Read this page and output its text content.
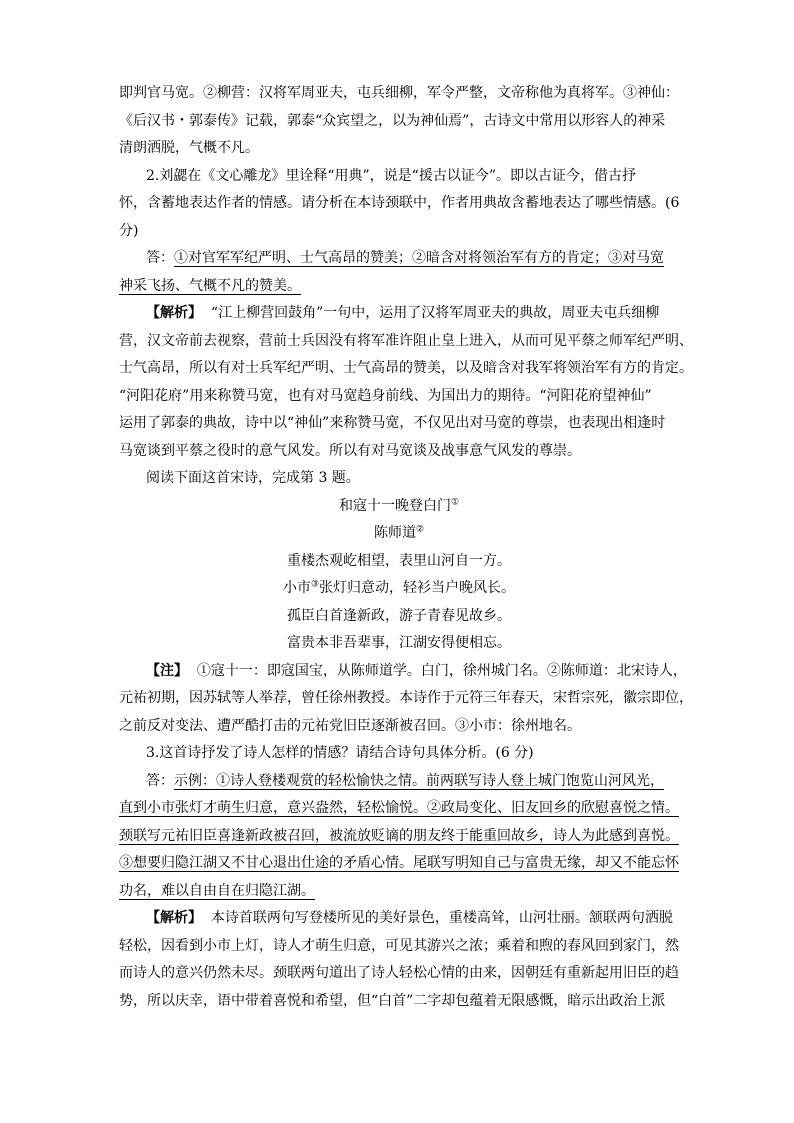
即判官马宽。②柳营：汉将军周亚夫，屯兵细柳，军令严整，文帝称他为真将军。③神仙：
《后汉书・郭泰传》记载，郭泰“众宾望之，以为神仙焉”，古诗文中常用以形容人的神采
清朗洒脱，气概不凡。
2.刘勰在《文心雕龙》里诠释“用典”，说是“援古以证今”。即以古证今，借古抒
怀，含蓄地表达作者的情感。请分析在本诗颈联中，作者用典故含蓄地表达了哪些情感。(6
分)
答：①对官军军纪严明、士气高昂的赞美；②暗含对将领治军有方的肯定；③对马宽
神采飞扬、气概不凡的赞美。
【解析】 “江上柳营回鼓角”一句中，运用了汉将军周亚夫的典故，周亚夫屯兵细柳
营，汉文帝前去视察，营前士兵因没有将军准许阻止皇上进入，从而可见平蔡之师军纪严明、
士气高昂，所以有对士兵军纪严明、士气高昂的赞美，以及暗含对我军将领治军有方的肯定。
“河阳花府”用来称赞马宽，也有对马宽趋身前线、为国出力的期待。“河阳花府望神仙”
运用了郭泰的典故，诗中以“神仙”来称赞马宽，不仅见出对马宽的尊崇，也表现出相逢时
马宽谈到平蔡之役时的意气风发。所以有对马宽谈及战事意气风发的尊崇。
阅读下面这首宋诗，完成第 3 题。
和寇十一晚登白门①
陈师道②
重楼杰观屹相望，表里山河自一方。
小市③张灯归意动，轻衫当户晚风长。
孤臣白首逢新政，游子青春见故乡。
富贵本非吾辈事，江湖安得便相忘。
【注】 ①寇十一：即寇国宝，从陈师道学。白门，徐州城门名。②陈师道：北宋诗人，
元祐初期，因苏轼等人举荐，曾任徐州教授。本诗作于元符三年春天，宋哲宗死，徽宗即位，
之前反对变法、遭严酷打击的元祐党旧臣逐渐被召回。③小市：徐州地名。
3.这首诗抒发了诗人怎样的情感？请结合诗句具体分析。(6 分)
答：示例：①诗人登楼观赏的轻松愉快之情。前两联写诗人登上城门饱览山河风光，
直到小市张灯才萌生归意，意兴盎然，轻松愉悦。②政局变化、旧友回乡的欣慰喜悦之情。
颈联写元祐旧臣喜逢新政被召回，被流放贬谪的朋友终于能重回故乡，诗人为此感到喜悦。
③想要归隐江湖又不甘心退出仕途的矛盾心情。尾联写明知自己与富贵无缘，却又不能忘怀
功名，难以自由自在归隐江湖。
【解析】 本诗首联两句写登楼所见的美好景色，重楼高耸，山河壮丽。颔联两句洒脱
轻松，因看到小市上灯，诗人才萌生归意，可见其游兴之浓；乘着和煦的春风回到家门，然
而诗人的意兴仍然未尽。颈联两句道出了诗人轻松心情的由来，因朝廷有重新起用旧臣的趋
势，所以庆幸，语中带着喜悦和希望，但“白首”二字却包蕴着无限感慨，暗示出政治上派
